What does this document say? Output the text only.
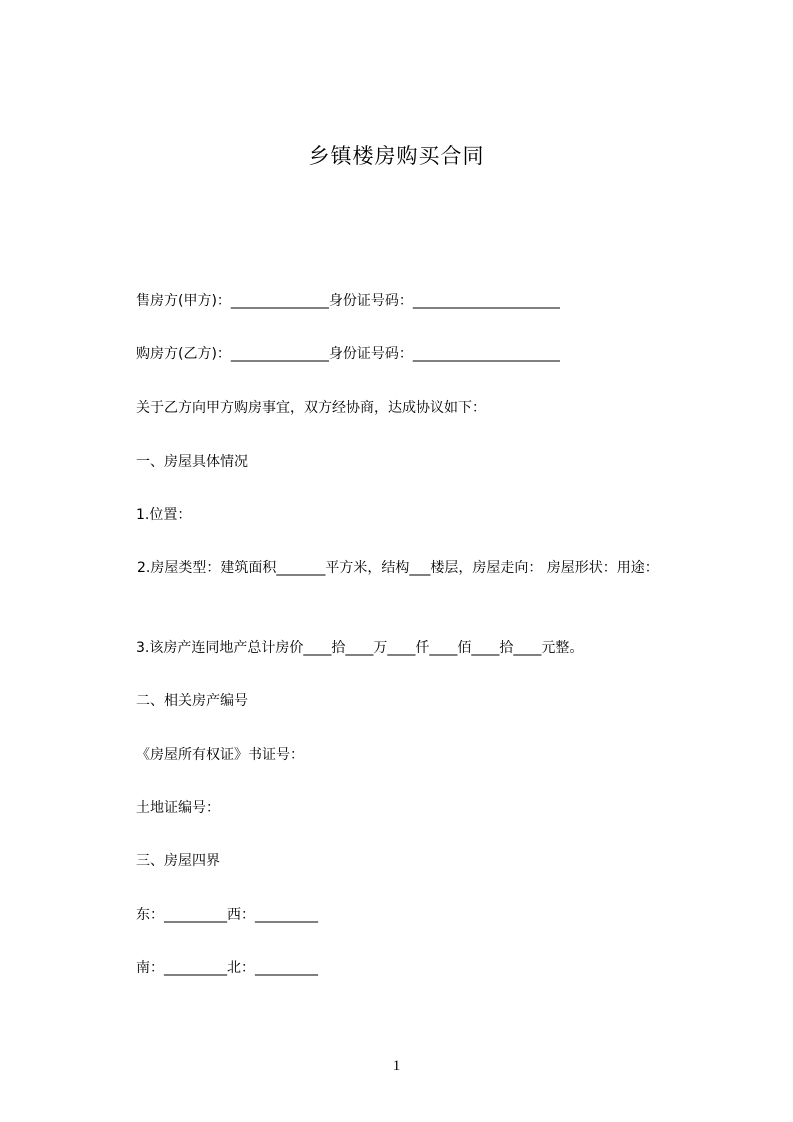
乡镇楼房购买合同
售房方(甲方)：______________身份证号码：_____________________
购房方(乙方)：______________身份证号码：_____________________
关于乙方向甲方购房事宜，双方经协商，达成协议如下：
一、房屋具体情况
1.位置：
2.房屋类型：建筑面积_______平方米，结构___楼层，房屋走向： 房屋形状：用途：
3.该房产连同地产总计房价____拾____万____仟____佰____拾____元整。
二、相关房产编号
《房屋所有权证》书证号：
土地证编号：
三、房屋四界
东：_________西：_________
南：_________北：_________
1
